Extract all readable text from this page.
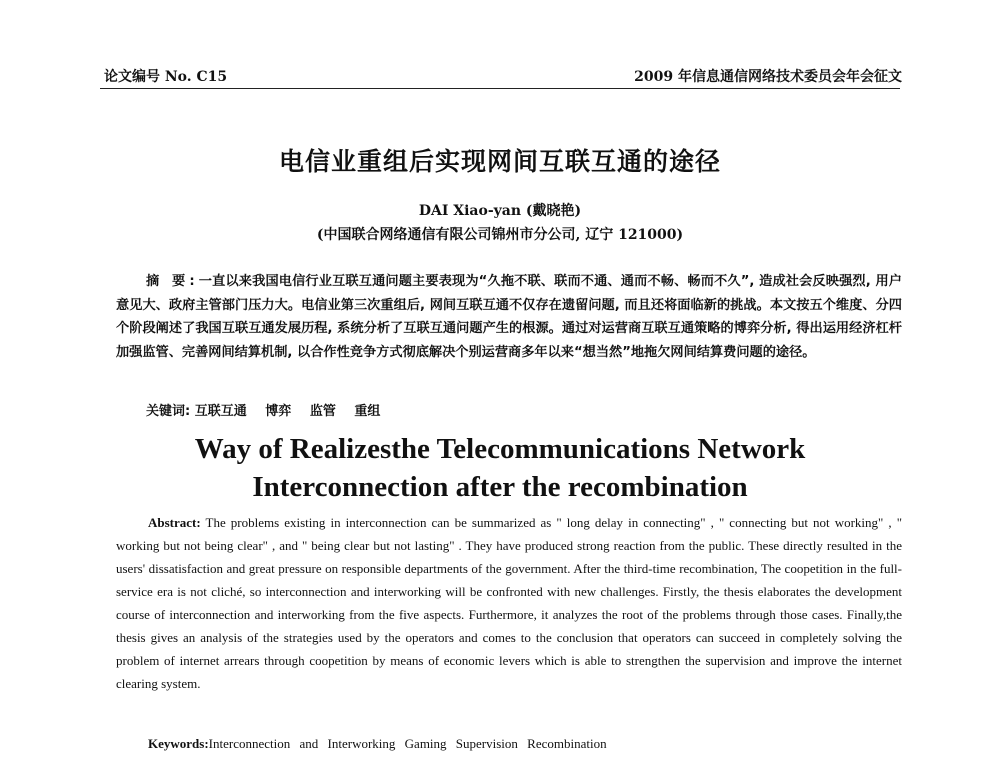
论文编号 No. C15	2009 年信息通信网络技术委员会年会征文
电信业重组后实现网间互联互通的途径
DAI Xiao-yan (戴晓艳)
(中国联合网络通信有限公司锦州市分公司, 辽宁 121000)
摘 要:一直以来我国电信行业互联互通问题主要表现为“久拖不联、联而不通、通而不畅、畅而不久”, 造成社会反映强烈, 用户意见大、政府主管部门压力大。电信业第三次重组后, 网间互联互通不仅存在遗留问题, 而且还将面临新的挑战。本文按五个维度、分四个阶段阐述了我国互联互通发展历程, 系统分析了互联互通问题产生的根源。通过对运营商互联互通策略的博弈分析, 得出运用经济杠杆加强监管、完善网间结算机制, 以合作性竞争方式彻底解决个别运营商多年以来“想当然”地拖欠网间结算费问题的途径。
关键词: 互联互通 博弈 监管 重组
Way of Realizesthe Telecommunications Network
Interconnection after the recombination
Abstract: The problems existing in interconnection can be summarized as " long delay in connecting" , " connecting but not working" , " working but not being clear" , and " being clear but not lasting" . They have produced strong reaction from the public. These directly resulted in the users' dissatisfaction and great pressure on responsible departments of the government. After the third-time recombination, The coopetition in the full-service era is not cliché, so interconnection and interworking will be confronted with new challenges. Firstly, the thesis elaborates the development course of interconnection and interworking from the five aspects. Furthermore, it analyzes the root of the problems through those cases. Finally,the thesis gives an analysis of the strategies used by the operators and comes to the conclusion that operators can succeed in completely solving the problem of internet arrears through coopetition by means of economic levers which is able to strengthen the supervision and improve the internet clearing system.
Keywords:Interconnection and Interworking Gaming Supervision Recombination
